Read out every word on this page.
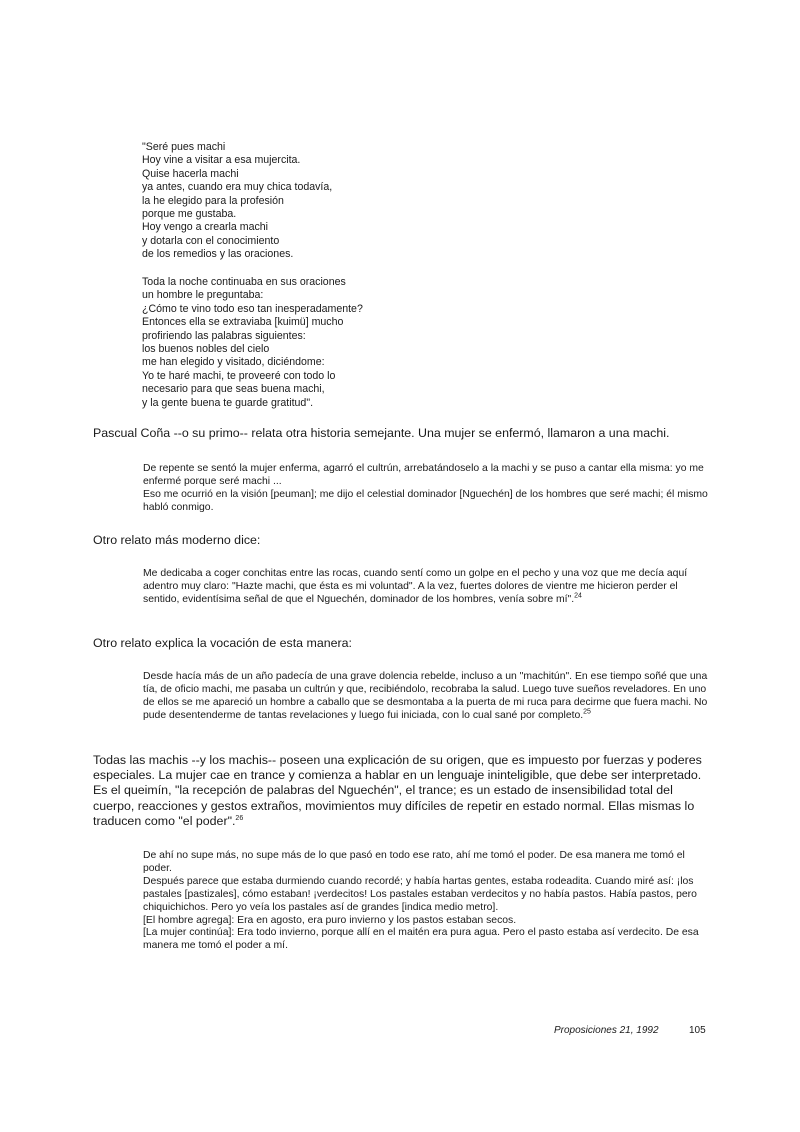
"Seré pues machi
Hoy vine a visitar a esa mujercita.
Quise hacerla machi
ya antes, cuando era muy chica todavía,
la he elegido para la profesión
porque me gustaba.
Hoy vengo a crearla machi
y dotarla con el conocimiento
de los remedios y las oraciones.
Toda la noche continuaba en sus oraciones
un hombre le preguntaba:
¿Cómo te vino todo eso tan inesperadamente?
Entonces ella se extraviaba [kuimü] mucho
profiriendo las palabras siguientes:
los buenos nobles del cielo
me han elegido y visitado, diciéndome:
Yo te haré machi, te proveeré con todo lo
necesario para que seas buena machi,
y la gente buena te guarde gratitud".

Pascual Coña --o su primo-- relata otra historia semejante. Una mujer se enfermó, llamaron a una machi.

De repente se sentó la mujer enferma, agarró el cultrún, arrebatándoselo a la machi y se puso a cantar ella misma: yo me enfermé porque seré machi ...
Eso me ocurrió en la visión [peuman]; me dijo el celestial dominador [Nguechén] de los hombres que seré machi; él mismo habló conmigo.

Otro relato más moderno dice:

Me dedicaba a coger conchitas entre las rocas, cuando sentí como un golpe en el pecho y una voz que me decía aquí adentro muy claro: "Hazte machi, que ésta es mi voluntad". A la vez, fuertes dolores de vientre me hicieron perder el sentido, evidentísima señal de que el Nguechén, dominador de los hombres, venía sobre mí".$^{24}$

Otro relato explica la vocación de esta manera:

Desde hacía más de un año padecía de una grave dolencia rebelde, incluso a un "machitún". En ese tiempo soñé que una tía, de oficio machi, me pasaba un cultrún y que, recibiéndolo, recobraba la salud. Luego tuve sueños reveladores. En uno de ellos se me apareció un hombre a caballo que se desmontaba a la puerta de mi ruca para decirme que fuera machi. No pude desentenderme de tantas revelaciones y luego fui iniciada, con lo cual sané por completo.$^{25}$

Todas las machis --y los machis-- poseen una explicación de su origen, que es impuesto por fuerzas y poderes especiales. La mujer cae en trance y comienza a hablar en un lenguaje ininteligible, que debe ser interpretado. Es el queimín, "la recepción de palabras del Nguechén", el trance; es un estado de insensibilidad total del cuerpo, reacciones y gestos extraños, movimientos muy difíciles de repetir en estado normal. Ellas mismas lo traducen como "el poder".$^{26}$

De ahí no supe más, no supe más de lo que pasó en todo ese rato, ahí me tomó el poder. De esa manera me tomó el poder.
Después parece que estaba durmiendo cuando recordé; y había hartas gentes, estaba rodeadita. Cuando miré así: ¡los pastales [pastizales], cómo estaban! ¡verdecitos! Los pastales estaban verdecitos y no había pastos. Había pastos, pero chiquichichos. Pero yo veía los pastales así de grandes [indica medio metro].
[El hombre agrega]: Era en agosto, era puro invierno y los pastos estaban secos.
[La mujer continúa]: Era todo invierno, porque allí en el maitén era pura agua. Pero el pasto estaba así verdecito. De esa manera me tomó el poder a mí.
Proposiciones 21, 1992	105
